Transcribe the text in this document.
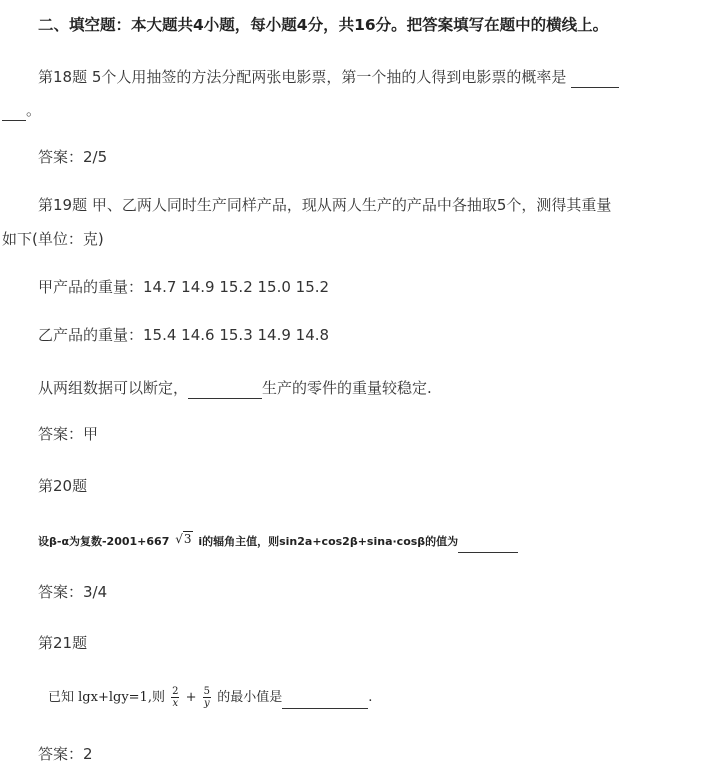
二、填空题：本大题共4小题，每小题4分，共16分。把答案填写在题中的横线上。
第18题 5个人用抽签的方法分配两张电影票，第一个抽的人得到电影票的概率是
。
答案：2/5
第19题 甲、乙两人同时生产同样产品，现从两人生产的产品中各抽取5个，测得其重量
如下(单位：克)
甲产品的重量：14.7 14.9 15.2 15.0 15.2
乙产品的重量：15.4 14.6 15.3 14.9 14.8
从两组数据可以断定，	生产的零件的重量较稳定.
答案：甲
第20题
设β-α为复数-2001+667 √3 i的辐角主值，则sin2a+cos2β+sina·cosβ的值为
答案：3/4
第21题
已知 lgx+lgy=1,则 $\frac{2}{x} + \frac{5}{y}$ 的最小值是	.
答案：2
